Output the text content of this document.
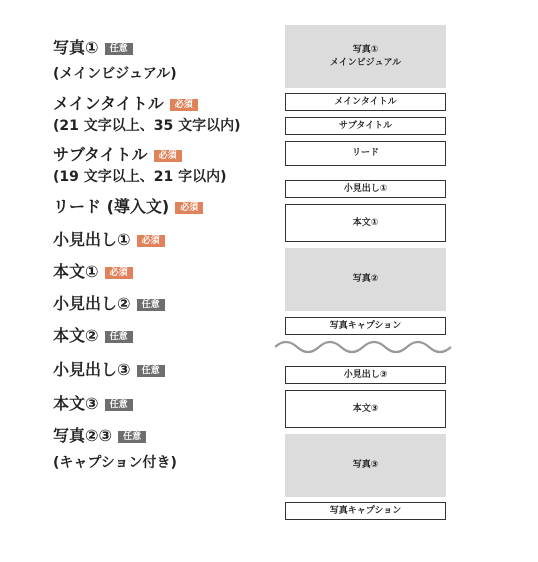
写真① 任意
(メインビジュアル)
メインタイトル 必須
(21 文字以上、35 文字以内)
サブタイトル 必須
(19 文字以上、21 字以内)
リード (導入文) 必須
小見出し① 必須
本文① 必須
小見出し② 任意
本文② 任意
小見出し③ 任意
本文③ 任意
写真②③ 任意
(キャプション付き)
写真①
メインビジュアル
メインタイトル
サブタイトル
リード
小見出し①
本文①
写真②
写真キャプション
小見出し③
本文③
写真③
写真キャプション
